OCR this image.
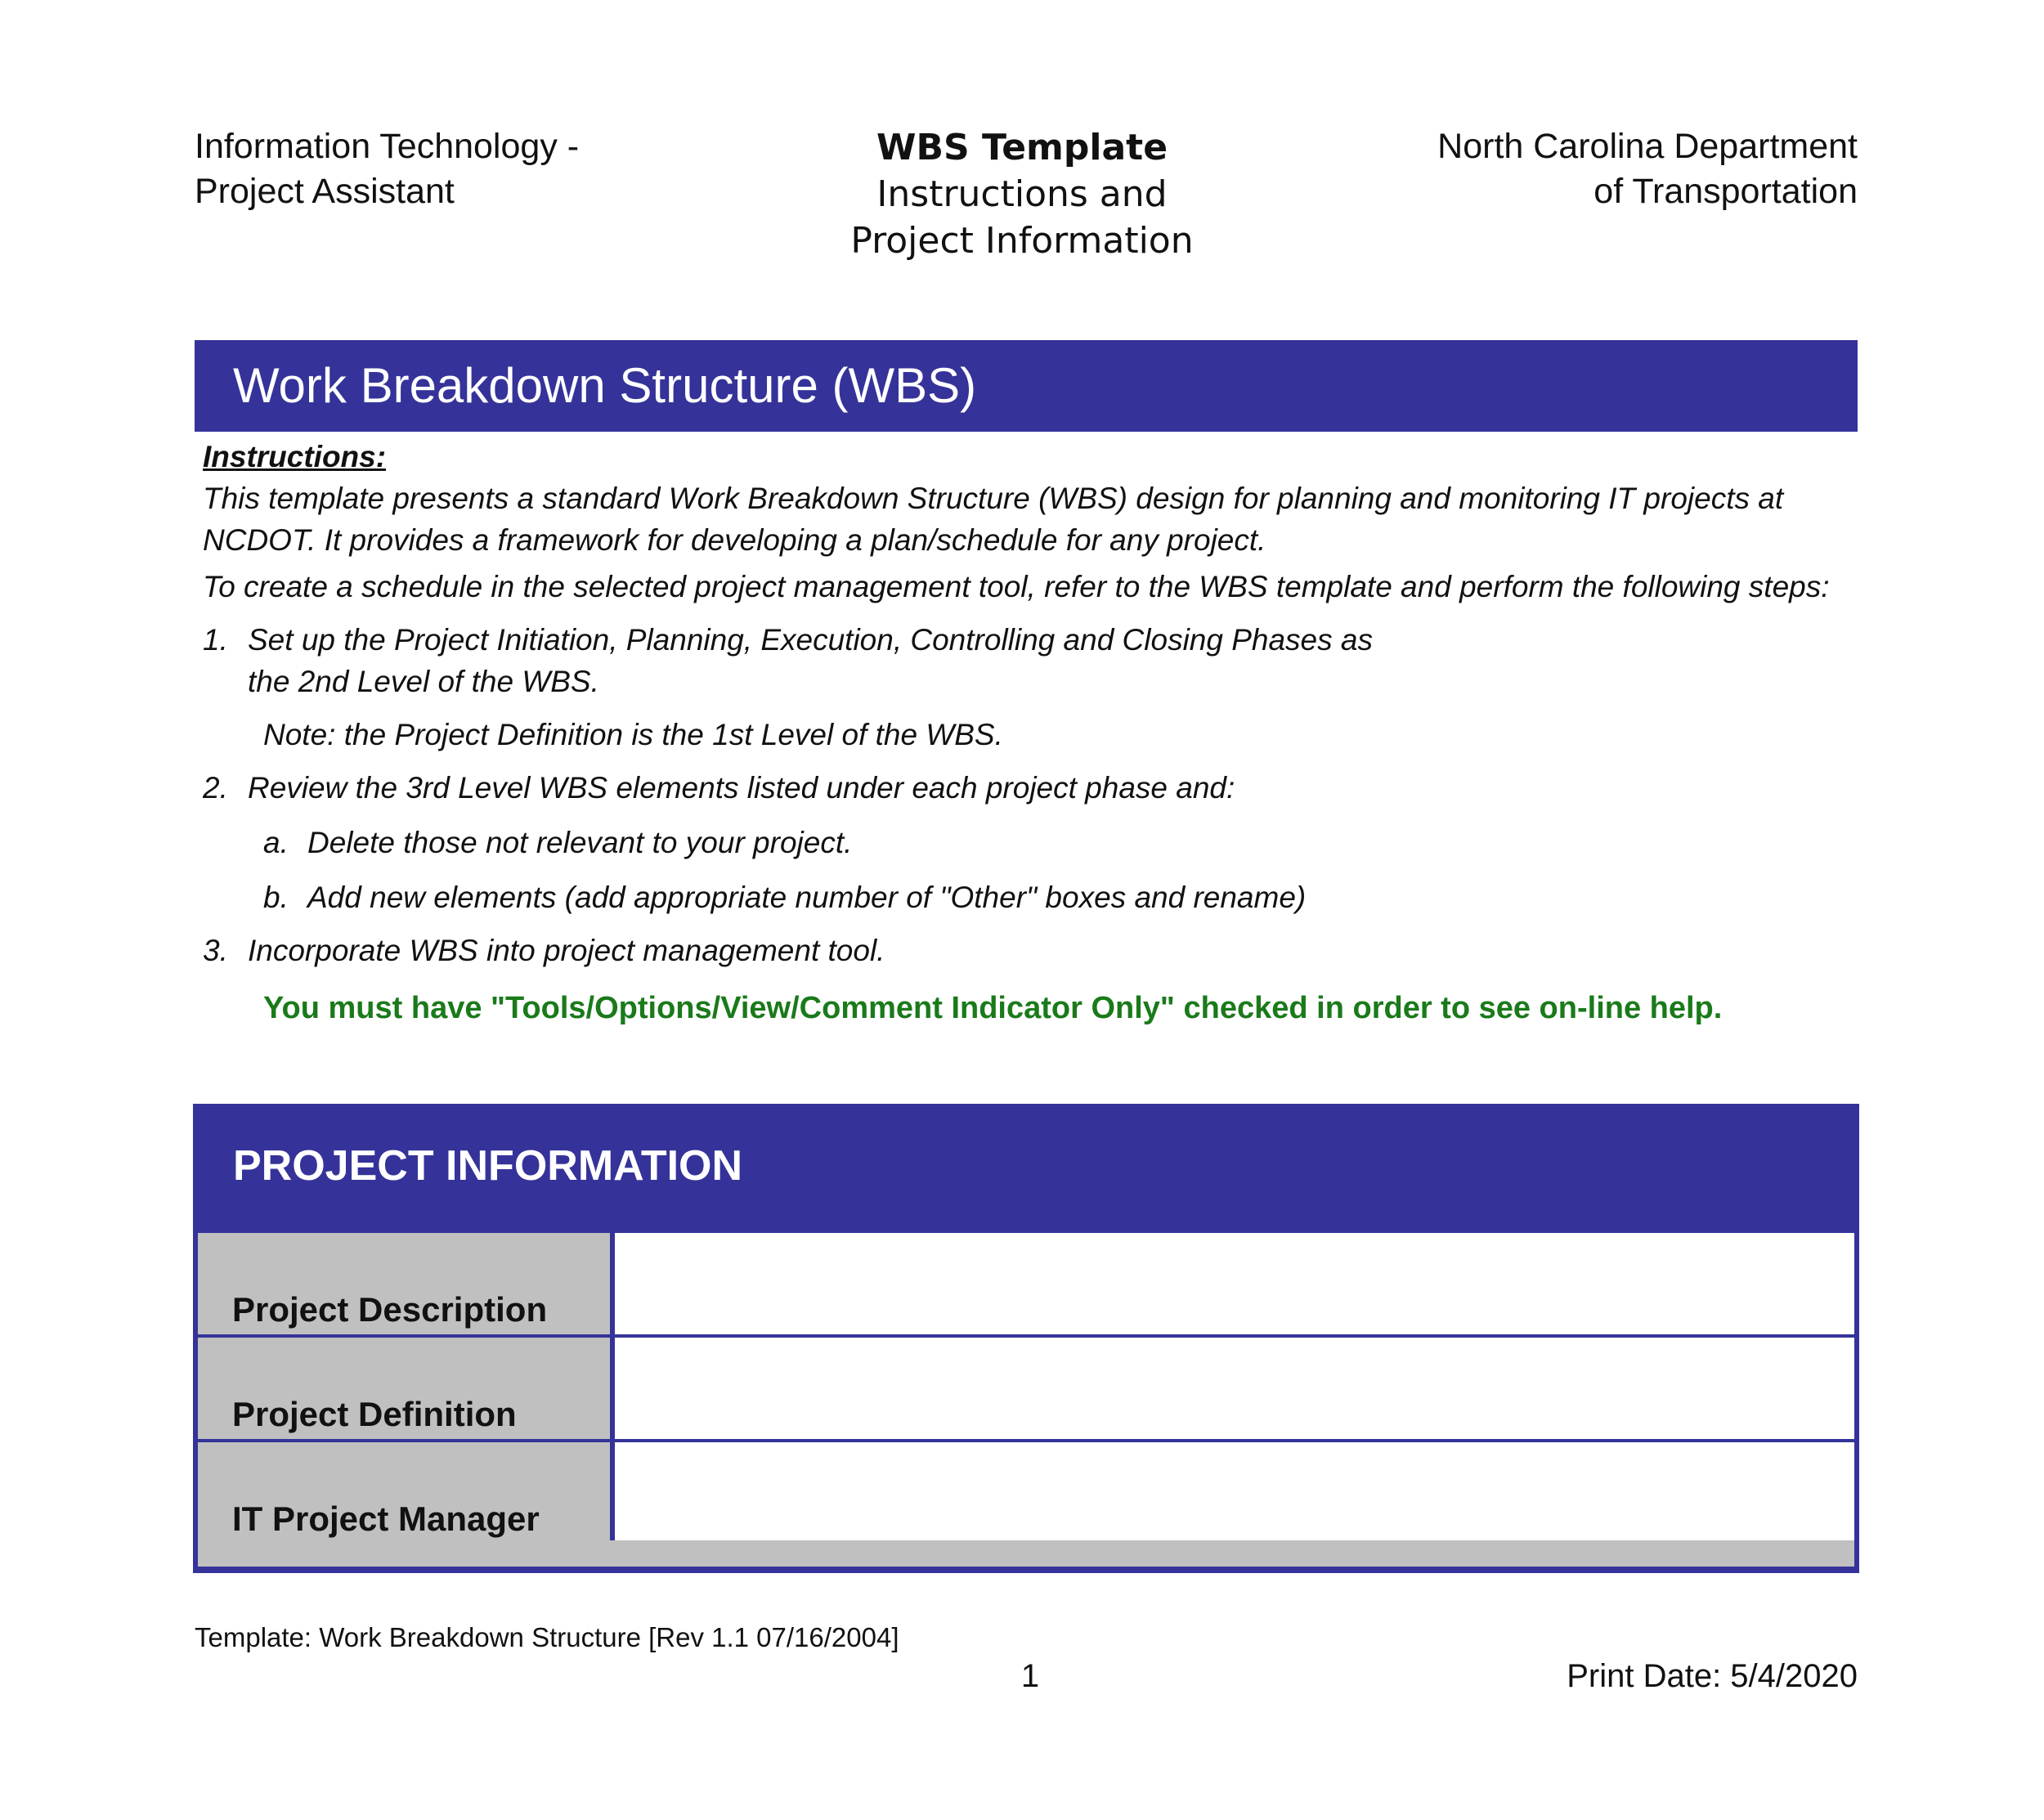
Information Technology -
Project Assistant
WBS Template
Instructions and
Project Information
North Carolina Department
of Transportation
Work Breakdown Structure (WBS)
Instructions:

This template presents a standard Work Breakdown Structure (WBS) design for planning and monitoring IT projects at NCDOT. It provides a framework for developing a plan/schedule for any project.

To create a schedule in the selected project management tool, refer to the WBS template and perform the following steps:

1. Set up the Project Initiation, Planning, Execution, Controlling and Closing Phases as the 2nd Level of the WBS.
Note: the Project Definition is the 1st Level of the WBS.
2. Review the 3rd Level WBS elements listed under each project phase and:
a. Delete those not relevant to your project.
b. Add new elements (add appropriate number of "Other" boxes and rename)
3. Incorporate WBS into project management tool.
You must have "Tools/Options/View/Comment Indicator Only" checked in order to see on-line help.
PROJECT INFORMATION
Project Description
Project Definition
IT Project Manager
Template: Work Breakdown Structure [Rev 1.1 07/16/2004]
1	Print Date: 5/4/2020
